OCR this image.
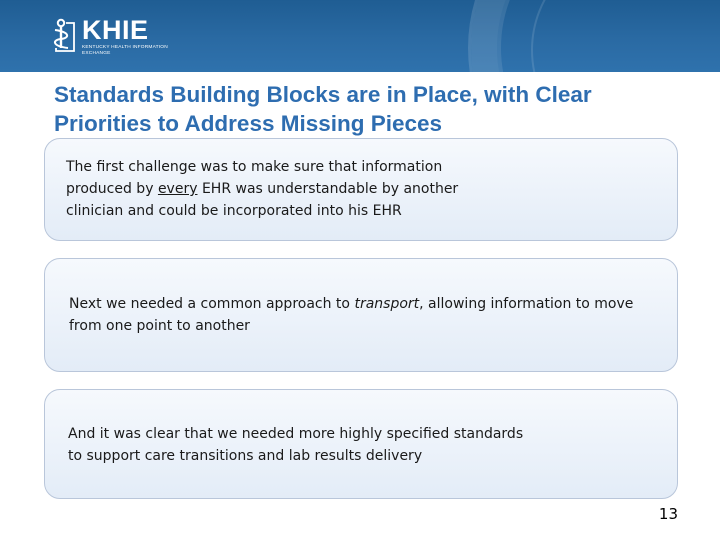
KHIE
KENTUCKY HEALTH INFORMATION EXCHANGE
Standards Building Blocks are in Place, with Clear Priorities to Address Missing Pieces
The first challenge was to make sure that information produced by every EHR was understandable by another clinician and could be incorporated into his EHR
Next we needed a common approach to transport, allowing information to move from one point to another
And it was clear that we needed more highly specified standards to support care transitions and lab results delivery
13
